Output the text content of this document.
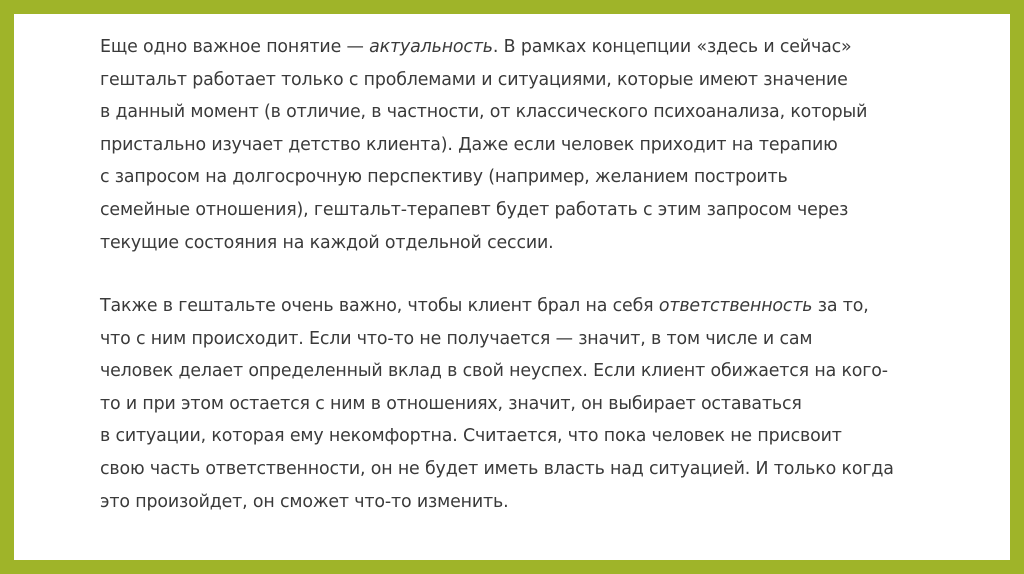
Еще одно важное понятие — актуальность. В рамках концепции «здесь и сейчас»
гештальт работает только с проблемами и ситуациями, которые имеют значение
в данный момент (в отличие, в частности, от классического психоанализа, который
пристально изучает детство клиента). Даже если человек приходит на терапию
с запросом на долгосрочную перспективу (например, желанием построить
семейные отношения), гештальт-терапевт будет работать с этим запросом через
текущие состояния на каждой отдельной сессии.
Также в гештальте очень важно, чтобы клиент брал на себя ответственность за то,
что с ним происходит. Если что-то не получается — значит, в том числе и сам
человек делает определенный вклад в свой неуспех. Если клиент обижается на кого-
то и при этом остается с ним в отношениях, значит, он выбирает оставаться
в ситуации, которая ему некомфортна. Считается, что пока человек не присвоит
свою часть ответственности, он не будет иметь власть над ситуацией. И только когда
это произойдет, он сможет что-то изменить.
